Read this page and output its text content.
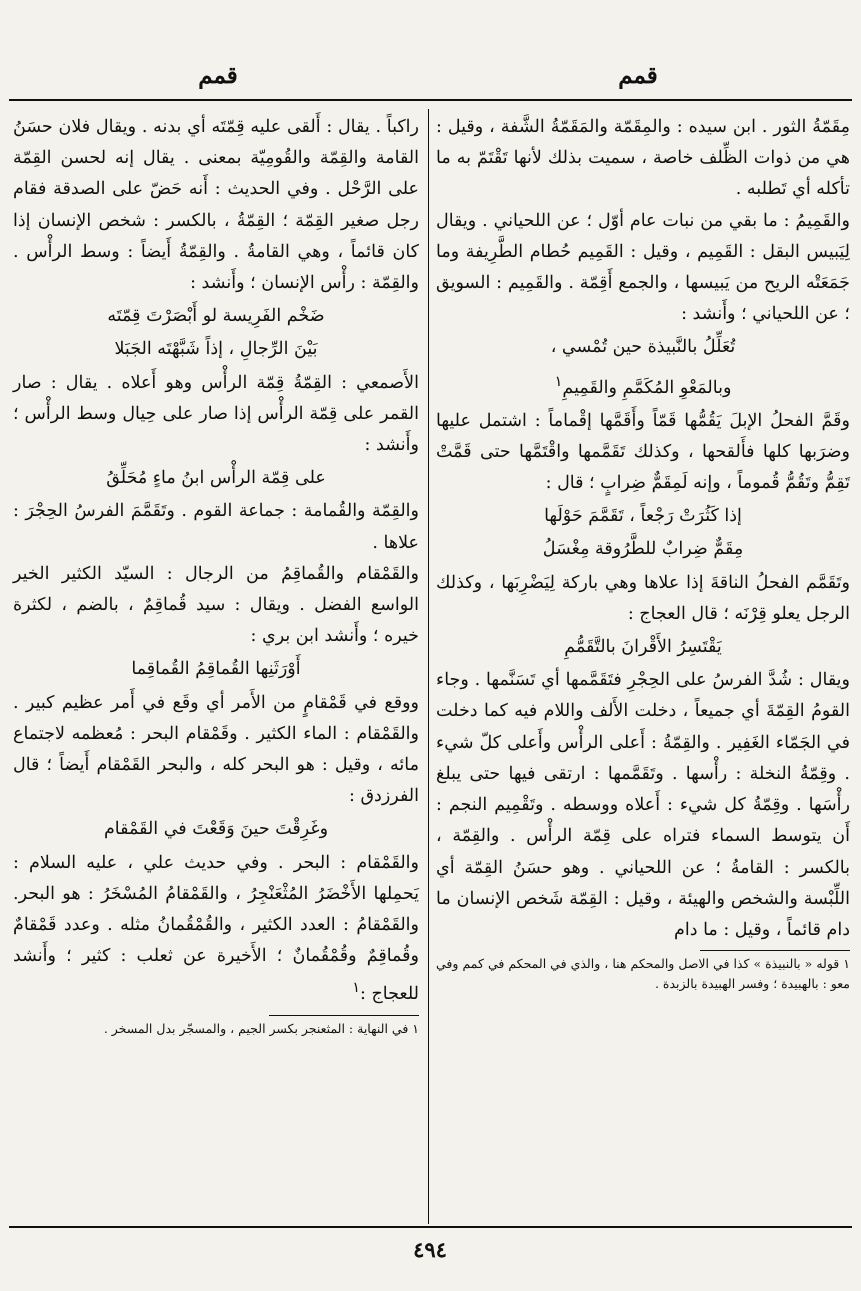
قمم
قمم

مِقَمّةُ الثور . ابن سيده : والمِقَمّة والمَقَمّةُ الشَّفة ، وقيل : هي من ذوات الظِّلف خاصة ، سميت بذلك لأنها تَقْتَمّ به ما تأكله أي تَطلبه .

والقَمِيمُ : ما بقي من نبات عام أوّل ؛ عن اللحياني . ويقال لِيَبيس البقل : القَمِيم ، وقيل : القَمِيم حُطام الطَّرِيفة وما جَمَعَتْه الريح من يَبيسها ، والجمع أَقِمّة . والقَمِيم : السويق ؛ عن اللحياني ؛ وأَنشد :

تُعَلِّلُ بالنَّبيذة حين تُمْسي ،

وبالمَعْوِ المُكَمَّمِ والقَمِيمِ$^١$

وقَمَّ الفحلُ الإبلَ يَقُمُّها قَمّاً وأَقَمَّها إقْماماً : اشتمل عليها وضرَبها كلها فأَلقحها ، وكذلك تَقَمَّمها واقْتَمَّها حتى قَمَّتْ تَقِمُّ وتَقُمُّ قُموماً ، وإنه لَمِقَمٌّ ضِرابٍ ؛ قال :

إذا كَثُرَتْ رَجْعاً ، تَقَمَّمَ حَوْلَها

مِقَمٌّ ضِرابٌ للطَّرُوقة مِغْسَلُ

وتَقَمَّم الفحلُ الناقةَ إذا علاها وهي باركة لِيَضْرِبَها ، وكذلك الرجل يعلو قِرْنَه ؛ قال العجاج :

يَقْتَسِرُ الأَقْرانَ بالتَّقَمُّمِ

ويقال : شُدَّ الفرسُ على الحِجْرِ فتَقَمَّمها أي تَسَنَّمها . وجاء القومُ القِمّةَ أي جميعاً ، دخلت الأَلف واللام فيه كما دخلت في الجَمّاء الغَفِير . والقِمّةُ : أَعلى الرأْس وأَعلى كلّ شيء . وقِمّةُ النخلة : رأْسها . وتَقَمَّمها : ارتقى فيها حتى يبلغ رأْسَها . وقِمّةُ كل شيء : أَعلاه ووسطه . وتَقْمِيم النجم : أَن يتوسط السماء فتراه على قِمّة الرأْس . والقِمّة ، بالكسر : القامةُ ؛ عن اللحياني . وهو حسَنُ القِمّة أي اللِّبْسة والشخص والهيئة ، وقيل : القِمّة شَخص الإنسان ما دام قائماً ، وقيل : ما دام

١ قوله « بالنبيذة » كذا في الاصل والمحكم هنا ، والذي في المحكم في كمم وفي معو : بالهبيدة ؛ وفسر الهبيدة بالزبدة .

راكباً . يقال : أَلقى عليه قِمّتَه أي بدنه . ويقال فلان حسَنُ القامة والقِمّة والقُومِيّة بمعنى . يقال إنه لحسن القِمّة على الرَّحْل . وفي الحديث : أَنه حَضّ على الصدقة فقام رجل صغير القِمّة ؛ القِمّةُ ، بالكسر : شخص الإنسان إذا كان قائماً ، وهي القامةُ . والقِمّةُ أَيضاً : وسط الرأْس . والقِمّة : رأْس الإنسان ؛ وأَنشد :

ضَخْم الفَرِيسة لو أَبْصَرْتَ قِمّتَه

بَيْنَ الرِّجالِ ، إذاً شَبَّهْتَه الجَبَلا

الأَصمعي : القِمّةُ قِمّة الرأْس وهو أَعلاه . يقال : صار القمر على قِمّة الرأْس إذا صار على حِيال وسط الرأْس ؛ وأَنشد :

على قِمّة الرأْس ابنُ ماءٍ مُحَلِّقُ

والقِمّة والقُمامة : جماعة القوم . وتَقَمَّمَ الفرسُ الحِجْرَ : علاها .

والقَمْقام والقُماقِمُ من الرجال : السيّد الكثير الخير الواسع الفضل . ويقال : سيد قُماقِمٌ ، بالضم ، لكثرة خيره ؛ وأَنشد ابن بري :

أَوْرَثَنِها القُماقِمُ القُماقِما

ووقع في قَمْقامٍ من الأَمر أي وقَع في أَمر عظيم كبير . والقَمْقام : الماء الكثير . وقَمْقام البحر : مُعظمه لاجتماع مائه ، وقيل : هو البحر كله ، والبحر القَمْقام أَيضاً ؛ قال الفرزدق :

وغَرِقْتَ حينَ وَقَعْتَ في القَمْقام

والقَمْقام : البحر . وفي حديث علي ، عليه السلام : يَحمِلها الأَخْضَرُ المُثْعَنْجِرُ ، والقَمْقامُ المُسْخَرُ : هو البحر. والقَمْقامُ : العدد الكثير ، والقُمْقُمانُ مثله . وعدد قَمْقامٌ وقُماقِمٌ وقُمْقُمانٌ ؛ الأَخيرة عن ثعلب : كثير ؛ وأَنشد للعجاج :$^١$

١ في النهاية : المثعنجر بكسر الجيم ، والمسجّر بدل المسخر .

٤٩٤
